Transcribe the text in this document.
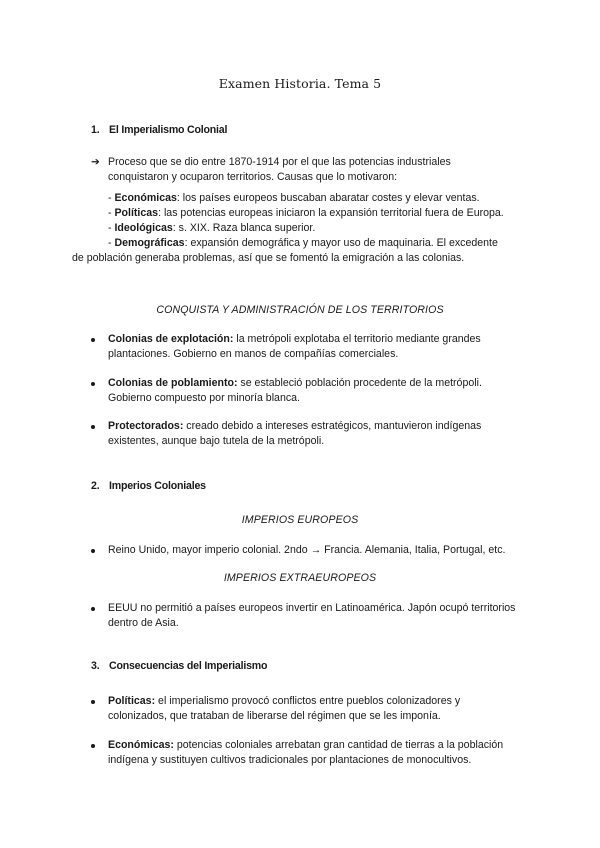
Examen Historia. Tema 5
1. El Imperialismo Colonial
➔ Proceso que se dio entre 1870-1914 por el que las potencias industriales conquistaron y ocuparon territorios. Causas que lo motivaron:
- Económicas: los países europeos buscaban abaratar costes y elevar ventas.
- Políticas: las potencias europeas iniciaron la expansión territorial fuera de Europa.
- Ideológicas: s. XIX. Raza blanca superior.
- Demográficas: expansión demográfica y mayor uso de maquinaria. El excedente
de población generaba problemas, así que se fomentó la emigración a las colonias.
CONQUISTA Y ADMINISTRACIÓN DE LOS TERRITORIOS
Colonias de explotación: la metrópoli explotaba el territorio mediante grandes plantaciones. Gobierno en manos de compañías comerciales.
Colonias de poblamiento: se estableció población procedente de la metrópoli. Gobierno compuesto por minoría blanca.
Protectorados: creado debido a intereses estratégicos, mantuvieron indígenas existentes, aunque bajo tutela de la metrópoli.
2. Imperios Coloniales
IMPERIOS EUROPEOS
Reino Unido, mayor imperio colonial. 2ndo → Francia. Alemania, Italia, Portugal, etc.
IMPERIOS EXTRAEUROPEOS
EEUU no permitió a países europeos invertir en Latinoamérica. Japón ocupó territorios dentro de Asia.
3. Consecuencias del Imperialismo
Políticas: el imperialismo provocó conflictos entre pueblos colonizadores y colonizados, que trataban de liberarse del régimen que se les imponía.
Económicas: potencias coloniales arrebatan gran cantidad de tierras a la población indígena y sustituyen cultivos tradicionales por plantaciones de monocultivos.
